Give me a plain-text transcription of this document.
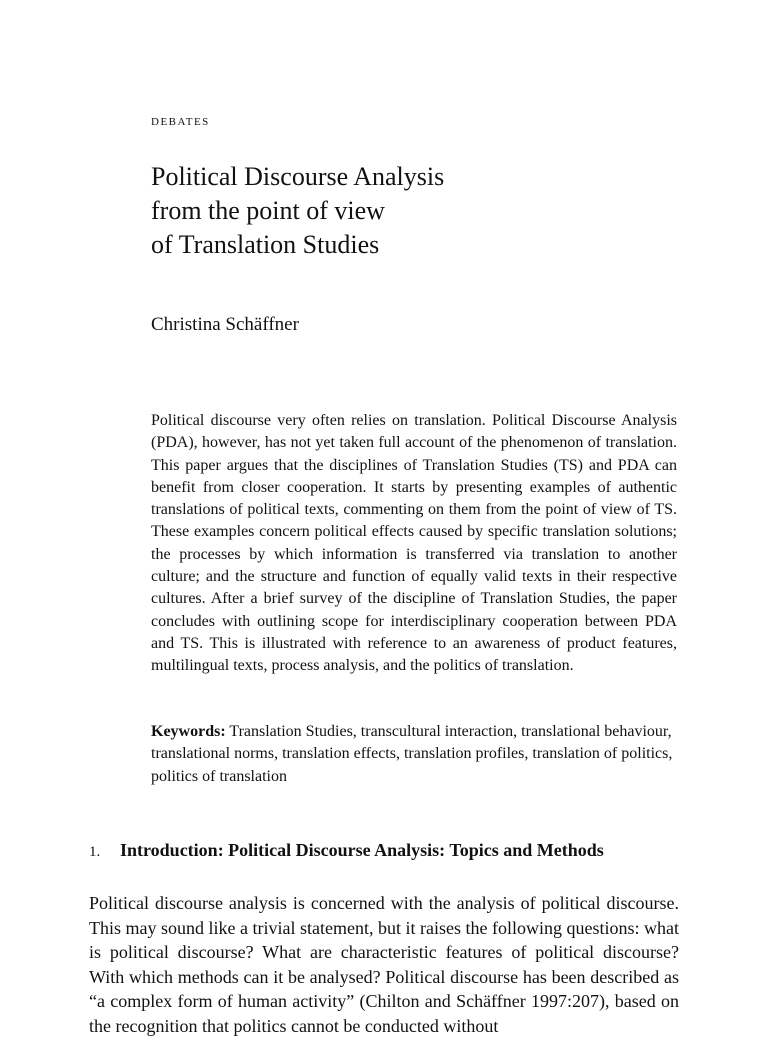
debates
Political Discourse Analysis
from the point of view
of Translation Studies
Christina Schäffner

Political discourse very often relies on translation. Political Discourse Analysis (PDA), however, has not yet taken full account of the phenomenon of translation. This paper argues that the disciplines of Translation Studies (TS) and PDA can benefit from closer cooperation. It starts by presenting examples of authentic translations of political texts, commenting on them from the point of view of TS. These examples concern political effects caused by specific translation solutions; the processes by which information is transferred via translation to another culture; and the structure and function of equally valid texts in their respective cultures. After a brief survey of the discipline of Translation Studies, the paper concludes with outlining scope for interdisciplinary cooperation between PDA and TS. This is illustrated with reference to an awareness of product features, multilingual texts, process analysis, and the politics of translation.

Keywords: Translation Studies, transcultural interaction, translational behaviour, translational norms, translation effects, translation profiles, translation of politics, politics of translation

1. Introduction: Political Discourse Analysis: Topics and Methods

Political discourse analysis is concerned with the analysis of political discourse. This may sound like a trivial statement, but it raises the following questions: what is political discourse? What are characteristic features of political discourse? With which methods can it be analysed? Political discourse has been described as “a complex form of human activity” (Chilton and Schäffner 1997:207), based on the recognition that politics cannot be conducted without
